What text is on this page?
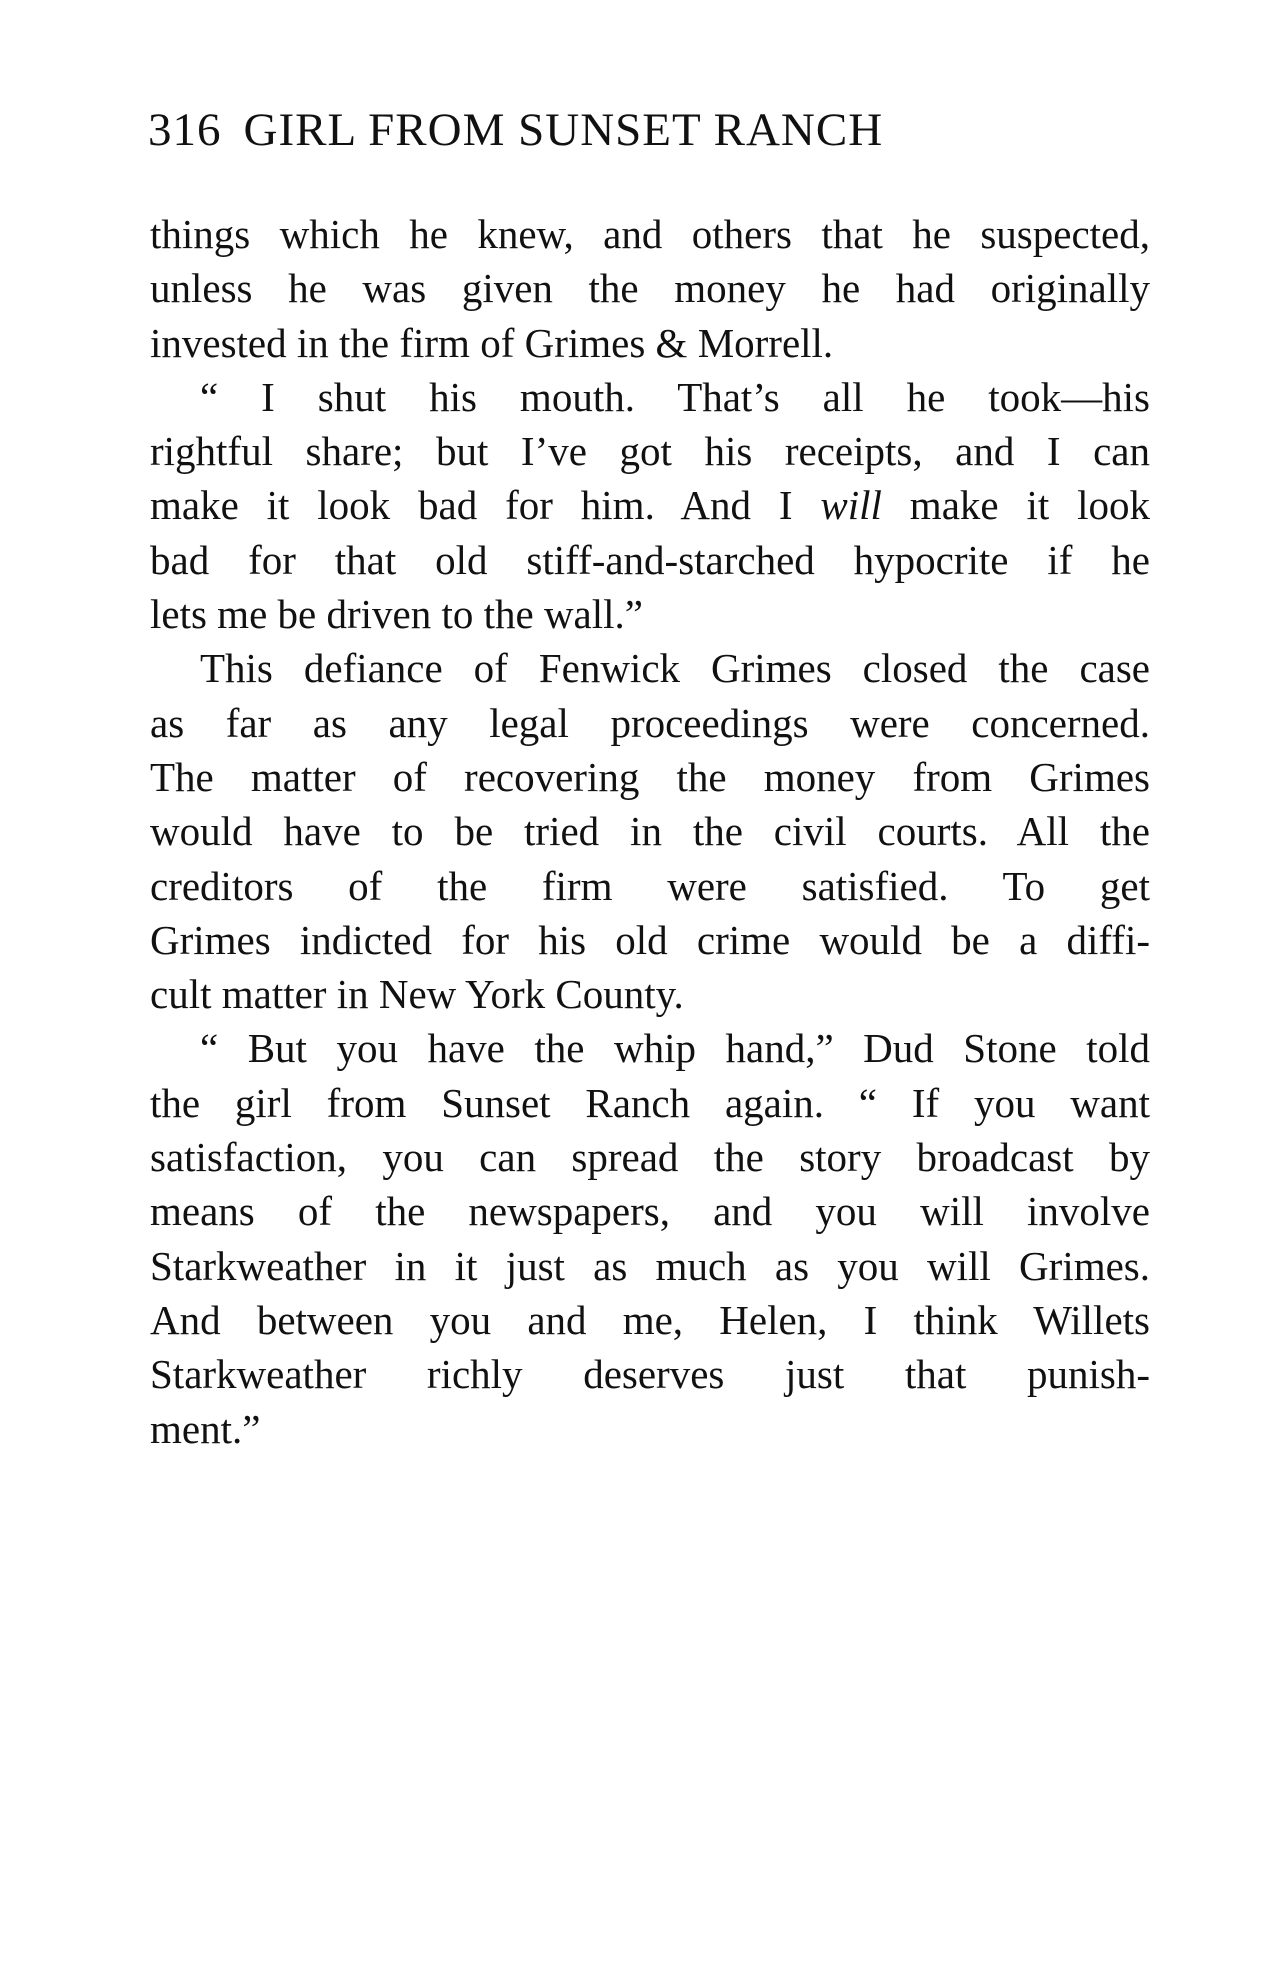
316 GIRL FROM SUNSET RANCH
things which he knew, and others that he suspected,
unless he was given the money he had originally
invested in the firm of Grimes & Morrell.
“ I shut his mouth. That’s all he took—his
rightful share; but I’ve got his receipts, and I can
make it look bad for him. And I will make it look
bad for that old stiff-and-starched hypocrite if he
lets me be driven to the wall.”
This defiance of Fenwick Grimes closed the case
as far as any legal proceedings were concerned.
The matter of recovering the money from Grimes
would have to be tried in the civil courts. All the
creditors of the firm were satisfied. To get
Grimes indicted for his old crime would be a diffi-
cult matter in New York County.
“ But you have the whip hand,” Dud Stone told
the girl from Sunset Ranch again. “ If you want
satisfaction, you can spread the story broadcast by
means of the newspapers, and you will involve
Starkweather in it just as much as you will Grimes.
And between you and me, Helen, I think Willets
Starkweather richly deserves just that punish-
ment.”
